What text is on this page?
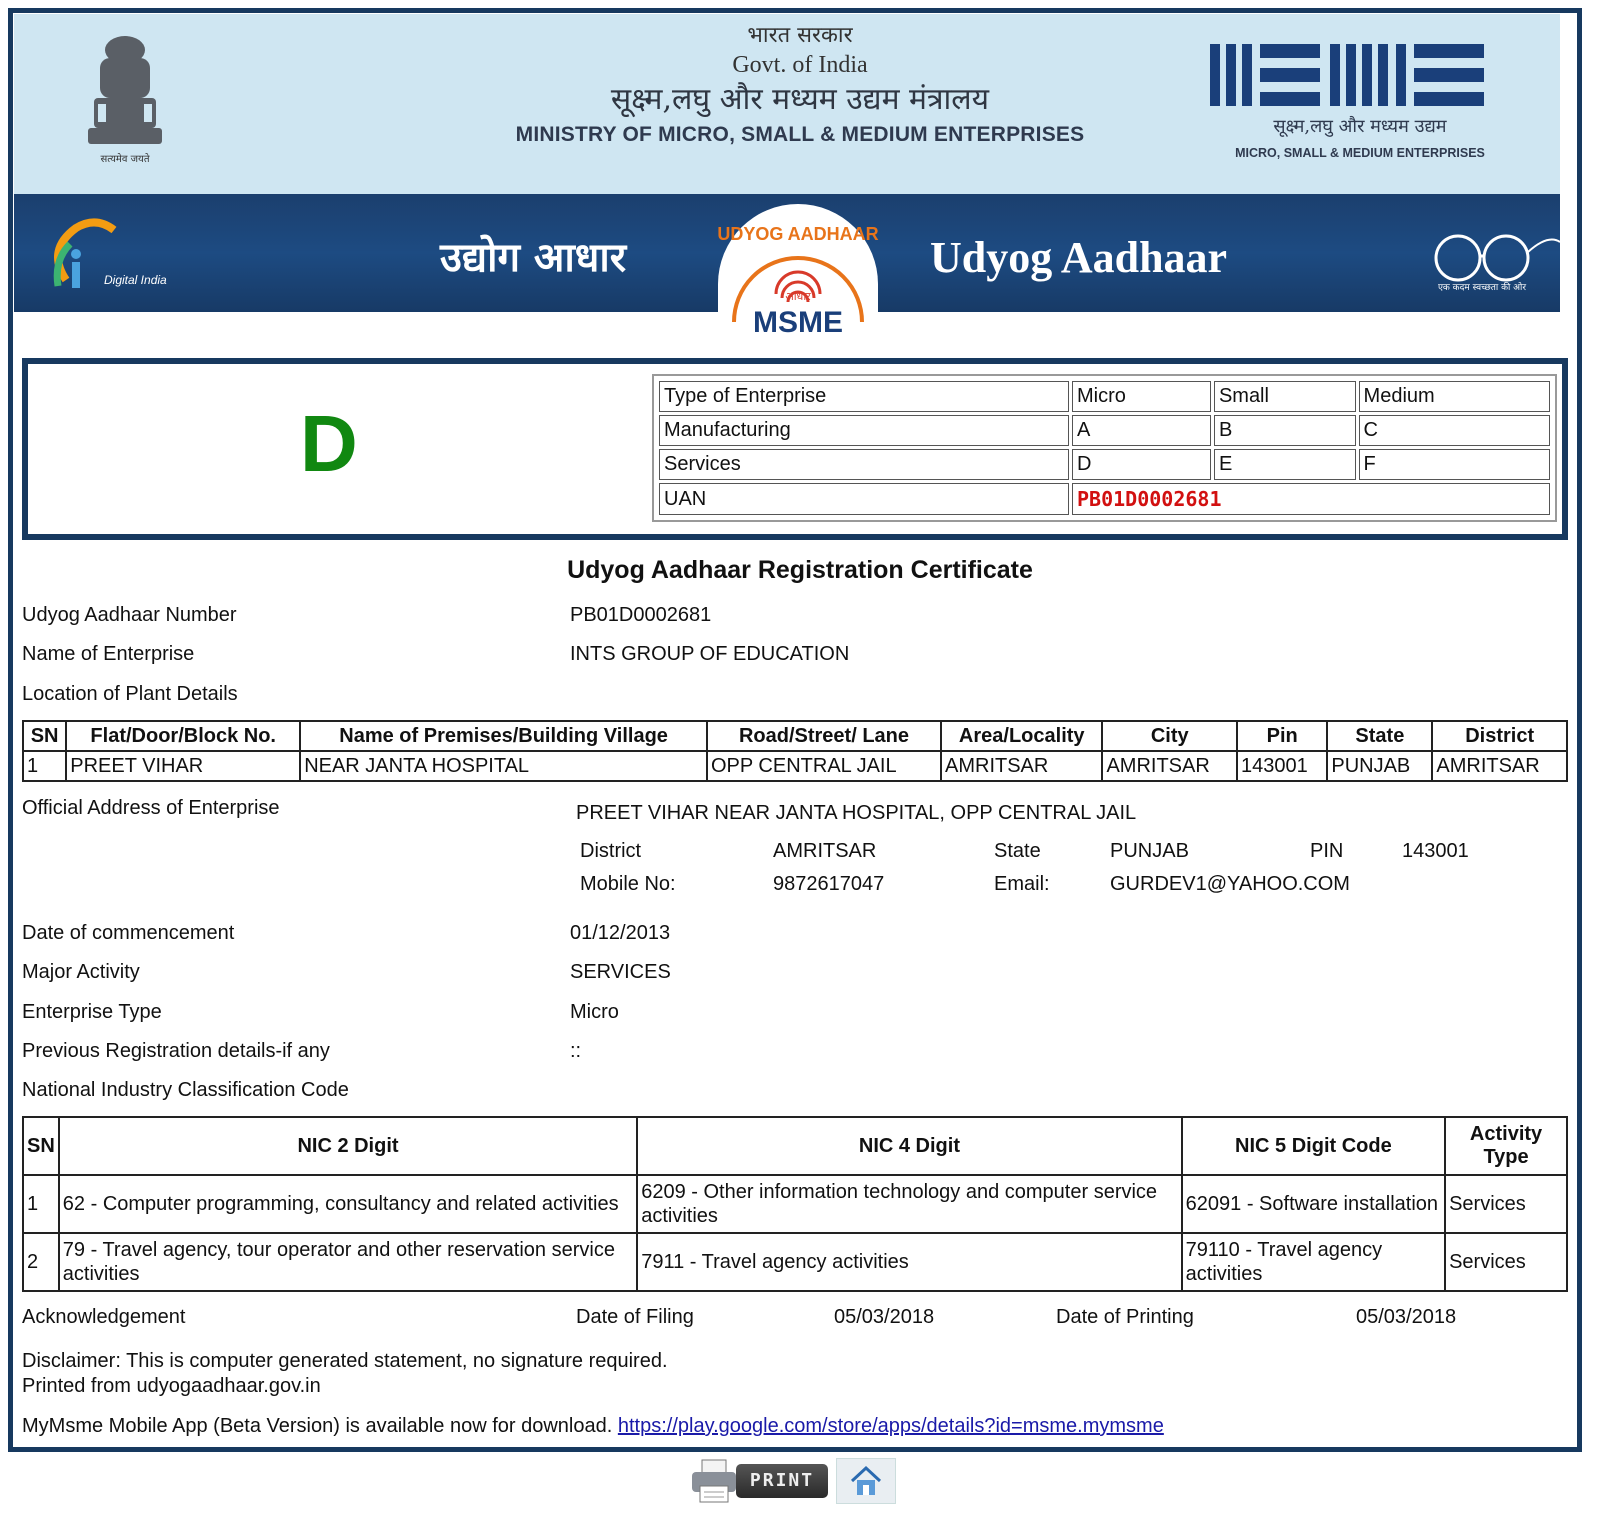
सत्यमेव जयते
भारत सरकार
Govt. of India
सूक्ष्म,लघु और मध्यम उद्यम मंत्रालय
MINISTRY OF MICRO, SMALL & MEDIUM ENTERPRISES	सूक्ष्म,लघु और मध्यम उद्यम
MICRO, SMALL & MEDIUM ENTERPRISES
Digital India	उद्योग आधार	UDYOG AADHAAR
आधार
MSME
Udyog Aadhaar
एक कदम स्वच्छता की ओर
D
Type of Enterprise	Micro	Small	Medium
Manufacturing	A	B	C
Services	D	E	F
UAN	PB01D0002681		
Udyog Aadhaar Registration Certificate
Udyog Aadhaar Number	PB01D0002681
Name of Enterprise	INTS GROUP OF EDUCATION
Location of Plant Details
SN	Flat/Door/Block No.	Name of Premises/Building Village	Road/Street/ Lane	Area/Locality	City	Pin	State	District
1	PREET VIHAR	NEAR JANTA HOSPITAL	OPP CENTRAL JAIL	AMRITSAR	AMRITSAR	143001	PUNJAB	AMRITSAR
Official Address of Enterprise	PREET VIHAR NEAR JANTA HOSPITAL, OPP CENTRAL JAIL
District	AMRITSAR	State	PUNJAB	PIN	143001
Mobile No:	9872617047	Email:	GURDEV1@YAHOO.COM
Date of commencement	01/12/2013
Major Activity	SERVICES
Enterprise Type	Micro
Previous Registration details-if any	::
National Industry Classification Code
SN	NIC 2 Digit	NIC 4 Digit	NIC 5 Digit Code	Activity Type
1	62 - Computer programming, consultancy and related activities	6209 - Other information technology and computer service activities	62091 - Software installation	Services
2	79 - Travel agency, tour operator and other reservation service activities	7911 - Travel agency activities	79110 - Travel agency activities	Services
Acknowledgement	Date of Filing	05/03/2018	Date of Printing	05/03/2018
Disclaimer: This is computer generated statement, no signature required.
Printed from udyogaadhaar.gov.in
MyMsme Mobile App (Beta Version) is available now for download. https://play.google.com/store/apps/details?id=msme.mymsme
PRINT
